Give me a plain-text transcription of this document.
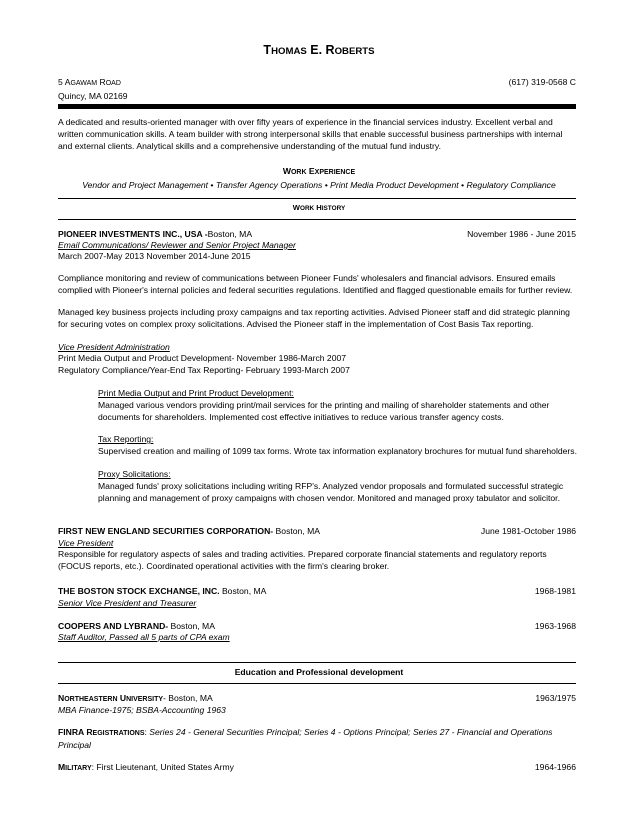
THOMAS E. ROBERTS
5 AGAWAM ROAD
Quincy, MA 02169
(617) 319-0568 C
A dedicated and results-oriented manager with over fifty years of experience in the financial services industry. Excellent verbal and written communication skills. A team builder with strong interpersonal skills that enable successful business partnerships with internal and external clients. Analytical skills and a comprehensive understanding of the mutual fund industry.
WORK EXPERIENCE
Vendor and Project Management • Transfer Agency Operations • Print Media Product Development • Regulatory Compliance
WORK HISTORY
PIONEER INVESTMENTS INC., USA -Boston, MA	November 1986 - June 2015
Email Communications/ Reviewer and Senior Project Manager
March 2007-May 2013 November 2014-June 2015
Compliance monitoring and review of communications between Pioneer Funds' wholesalers and financial advisors. Ensured emails complied with Pioneer's internal policies and federal securities regulations. Identified and flagged questionable emails for further review.
Managed key business projects including proxy campaigns and tax reporting activities. Advised Pioneer staff and did strategic planning for securing votes on complex proxy solicitations. Advised the Pioneer staff in the implementation of Cost Basis Tax reporting.
Vice President Administration
Print Media Output and Product Development- November 1986-March 2007
Regulatory Compliance/Year-End Tax Reporting- February 1993-March 2007
Print Media Output and Print Product Development:
Managed various vendors providing print/mail services for the printing and mailing of shareholder statements and other documents for shareholders. Implemented cost effective initiatives to reduce various transfer agency costs.
Tax Reporting:
Supervised creation and mailing of 1099 tax forms. Wrote tax information explanatory brochures for mutual fund shareholders.
Proxy Solicitations:
Managed funds' proxy solicitations including writing RFP's. Analyzed vendor proposals and formulated successful strategic planning and management of proxy campaigns with chosen vendor. Monitored and managed proxy tabulator and solicitor.
FIRST NEW ENGLAND SECURITIES CORPORATION- Boston, MA	June 1981-October 1986
Vice President
Responsible for regulatory aspects of sales and trading activities. Prepared corporate financial statements and regulatory reports (FOCUS reports, etc.). Coordinated operational activities with the firm's clearing broker.
THE BOSTON STOCK EXCHANGE, INC. Boston, MA	1968-1981
Senior Vice President and Treasurer
COOPERS AND LYBRAND- Boston, MA	1963-1968
Staff Auditor, Passed all 5 parts of CPA exam
Education and Professional development
NORTHEASTERN UNIVERSITY- Boston, MA	1963/1975
MBA Finance-1975; BSBA-Accounting 1963
FINRA REGISTRATIONS: Series 24 - General Securities Principal; Series 4 - Options Principal; Series 27 - Financial and Operations Principal
MILITARY: First Lieutenant, United States Army	1964-1966
